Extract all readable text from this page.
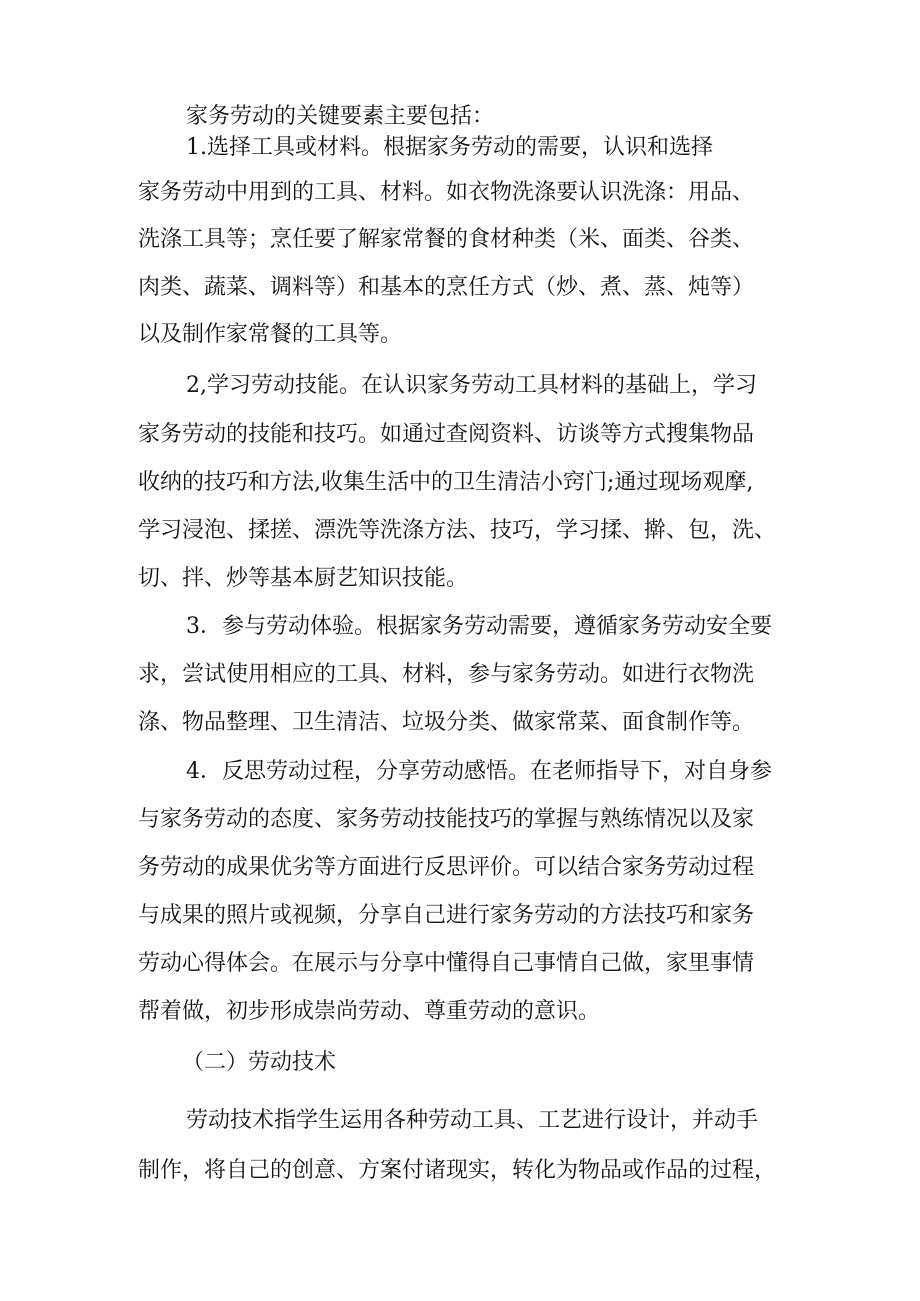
家务劳动的关键要素主要包括：
1.选择工具或材料。根据家务劳动的需要，认识和选择
家务劳动中用到的工具、材料。如衣物洗涤要认识洗涤：用品、
洗涤工具等；烹任要了解家常餐的食材种类（米、面类、谷类、
肉类、蔬菜、调料等）和基本的烹任方式（炒、煮、蒸、炖等）
以及制作家常餐的工具等。
2,学习劳动技能。在认识家务劳动工具材料的基础上，学习
家务劳动的技能和技巧。如通过查阅资料、访谈等方式搜集物品
收纳的技巧和方法,收集生活中的卫生清洁小窍门;通过现场观摩,
学习浸泡、揉搓、漂洗等洗涤方法、技巧，学习揉、擀、包，洗、
切、拌、炒等基本厨艺知识技能。
3．参与劳动体验。根据家务劳动需要，遵循家务劳动安全要
求，尝试使用相应的工具、材料，参与家务劳动。如进行衣物洗
涤、物品整理、卫生清洁、垃圾分类、做家常菜、面食制作等。
4．反思劳动过程，分享劳动感悟。在老师指导下，对自身参
与家务劳动的态度、家务劳动技能技巧的掌握与熟练情况以及家
务劳动的成果优劣等方面进行反思评价。可以结合家务劳动过程
与成果的照片或视频，分享自己进行家务劳动的方法技巧和家务
劳动心得体会。在展示与分享中懂得自己事情自己做，家里事情
帮着做，初步形成崇尚劳动、尊重劳动的意识。
（二）劳动技术
劳动技术指学生运用各种劳动工具、工艺进行设计，并动手
制作，将自己的创意、方案付诸现实，转化为物品或作品的过程，
